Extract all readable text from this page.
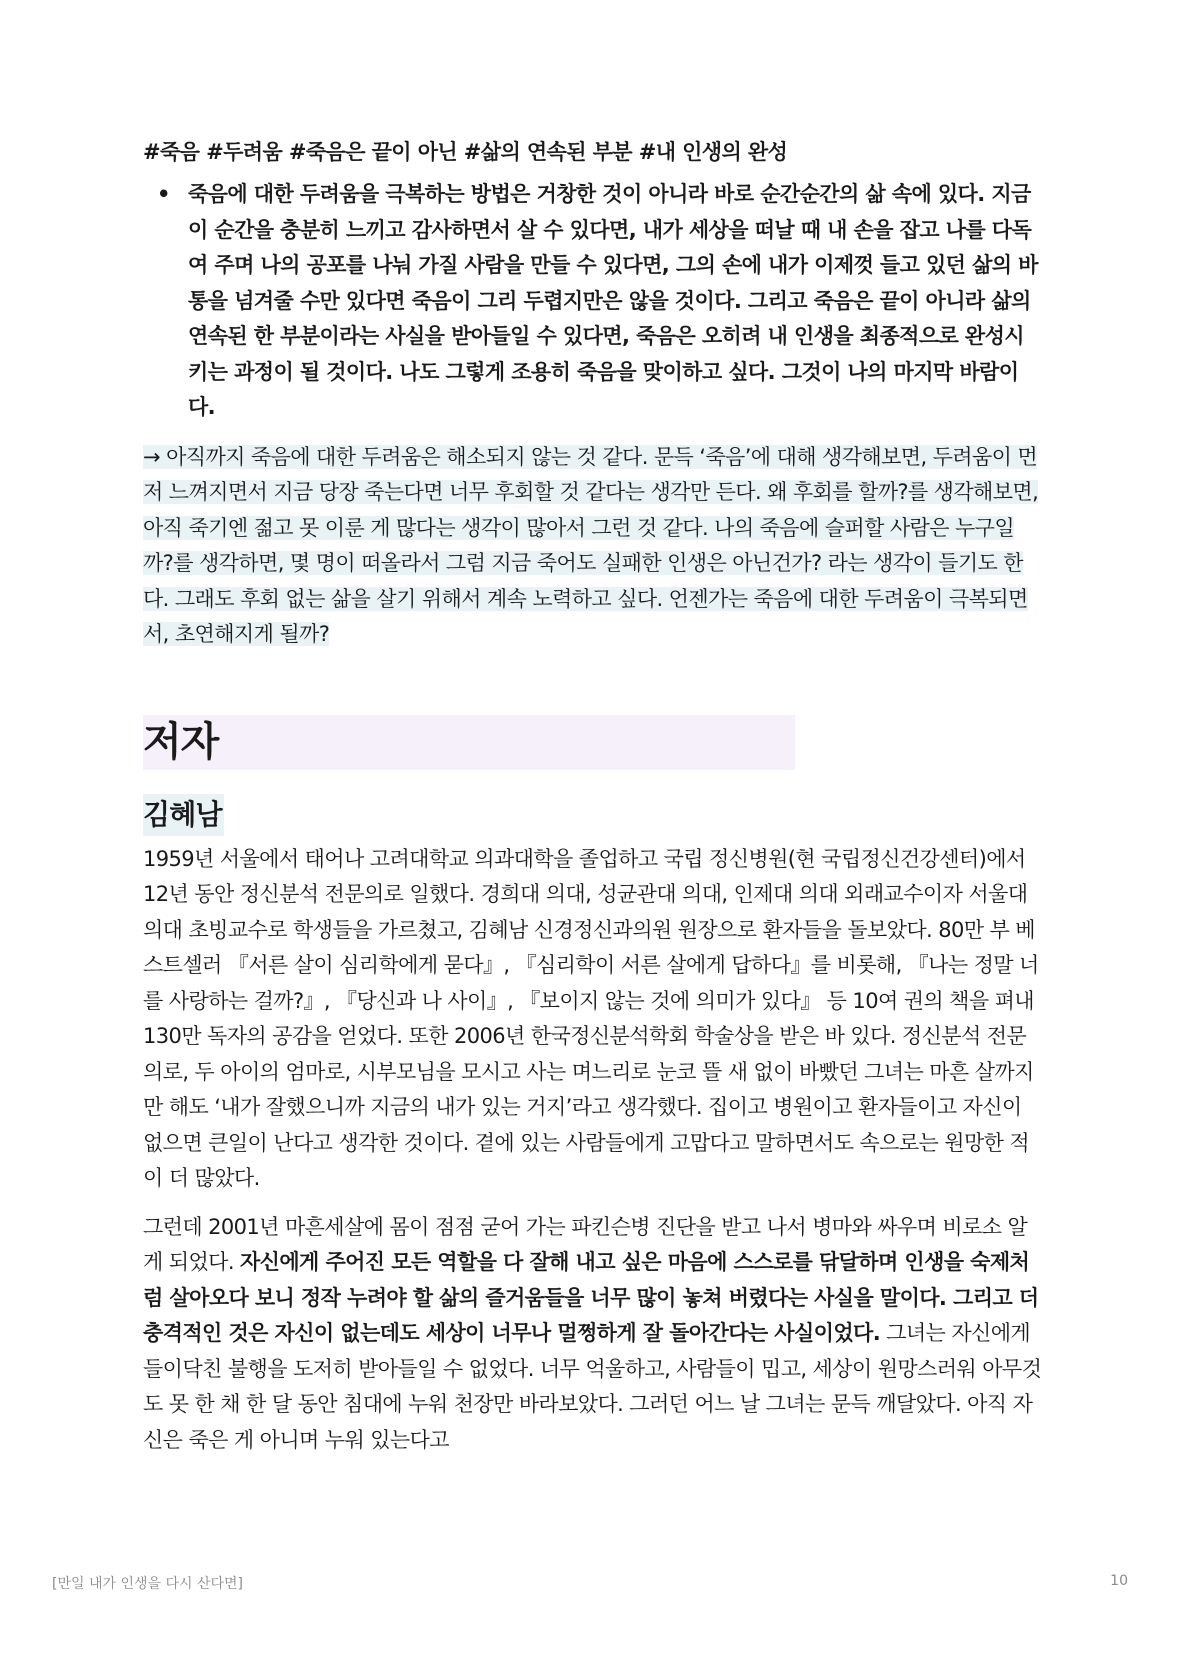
#죽음 #두려움 #죽음은 끝이 아닌 #삶의 연속된 부분 #내 인생의 완성

• 죽음에 대한 두려움을 극복하는 방법은 거창한 것이 아니라 바로 순간순간의 삶 속에 있다. 지금 이 순간을 충분히 느끼고 감사하면서 살 수 있다면, 내가 세상을 떠날 때 내 손을 잡고 나를 다독여 주며 나의 공포를 나눠 가질 사람을 만들 수 있다면, 그의 손에 내가 이제껏 들고 있던 삶의 바통을 넘겨줄 수만 있다면 죽음이 그리 두렵지만은 않을 것이다. 그리고 죽음은 끝이 아니라 삶의 연속된 한 부분이라는 사실을 받아들일 수 있다면, 죽음은 오히려 내 인생을 최종적으로 완성시키는 과정이 될 것이다. 나도 그렇게 조용히 죽음을 맞이하고 싶다. 그것이 나의 마지막 바람이다.

→ 아직까지 죽음에 대한 두려움은 해소되지 않는 것 같다. 문득 ‘죽음’에 대해 생각해보면, 두려움이 먼저 느껴지면서 지금 당장 죽는다면 너무 후회할 것 같다는 생각만 든다. 왜 후회를 할까?를 생각해보면, 아직 죽기엔 젊고 못 이룬 게 많다는 생각이 많아서 그런 것 같다. 나의 죽음에 슬퍼할 사람은 누구일까?를 생각하면, 몇 명이 떠올라서 그럼 지금 죽어도 실패한 인생은 아닌건가? 라는 생각이 들기도 한다. 그래도 후회 없는 삶을 살기 위해서 계속 노력하고 싶다. 언젠가는 죽음에 대한 두려움이 극복되면서, 초연해지게 될까?

저자
김혜남

1959년 서울에서 태어나 고려대학교 의과대학을 졸업하고 국립 정신병원(현 국립정신건강센터)에서 12년 동안 정신분석 전문의로 일했다. 경희대 의대, 성균관대 의대, 인제대 의대 외래교수이자 서울대 의대 초빙교수로 학생들을 가르쳤고, 김혜남 신경정신과의원 원장으로 환자들을 돌보았다. 80만 부 베스트셀러 『서른 살이 심리학에게 묻다』, 『심리학이 서른 살에게 답하다』를 비롯해, 『나는 정말 너를 사랑하는 걸까?』, 『당신과 나 사이』, 『보이지 않는 것에 의미가 있다』 등 10여 권의 책을 펴내 130만 독자의 공감을 얻었다. 또한 2006년 한국정신분석학회 학술상을 받은 바 있다. 정신분석 전문의로, 두 아이의 엄마로, 시부모님을 모시고 사는 며느리로 눈코 뜰 새 없이 바빴던 그녀는 마흔 살까지만 해도 ‘내가 잘했으니까 지금의 내가 있는 거지’라고 생각했다. 집이고 병원이고 환자들이고 자신이 없으면 큰일이 난다고 생각한 것이다. 곁에 있는 사람들에게 고맙다고 말하면서도 속으로는 원망한 적이 더 많았다.

그런데 2001년 마흔세살에 몸이 점점 굳어 가는 파킨슨병 진단을 받고 나서 병마와 싸우며 비로소 알게 되었다. 자신에게 주어진 모든 역할을 다 잘해 내고 싶은 마음에 스스로를 닦달하며 인생을 숙제처럼 살아오다 보니 정작 누려야 할 삶의 즐거움들을 너무 많이 놓쳐 버렸다는 사실을 말이다. 그리고 더 충격적인 것은 자신이 없는데도 세상이 너무나 멀쩡하게 잘 돌아간다는 사실이었다. 그녀는 자신에게 들이닥친 불행을 도저히 받아들일 수 없었다. 너무 억울하고, 사람들이 밉고, 세상이 원망스러워 아무것도 못 한 채 한 달 동안 침대에 누워 천장만 바라보았다. 그러던 어느 날 그녀는 문득 깨달았다. 아직 자신은 죽은 게 아니며 누워 있는다고

[만일 내가 인생을 다시 산다면]	10
